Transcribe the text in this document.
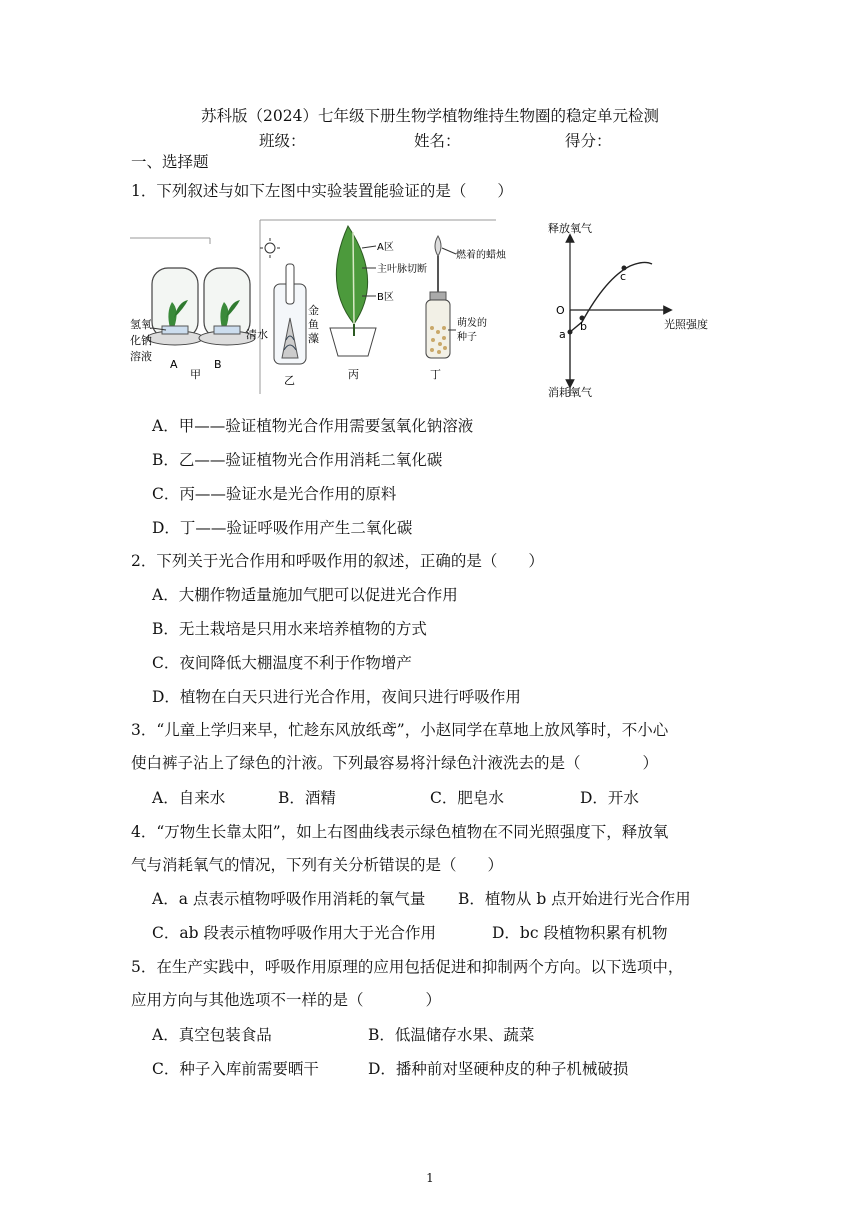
苏科版（2024）七年级下册生物学植物维持生物圈的稳定单元检测
班级：	姓名：	得分：
一、选择题
1．下列叙述与如下左图中实验装置能验证的是（　　）
氢氧
化钠
溶液
清水
A
甲
B
金
鱼
藻
乙
A区
主叶脉切断
B区
丙
燃着的蜡烛
萌发的
种子
丁
释放氧气
消耗氧气
光照强度
O
a
b
c
A．甲——验证植物光合作用需要氢氧化钠溶液
B．乙——验证植物光合作用消耗二氧化碳
C．丙——验证水是光合作用的原料
D．丁——验证呼吸作用产生二氧化碳
2．下列关于光合作用和呼吸作用的叙述，正确的是（　　）
A．大棚作物适量施加气肥可以促进光合作用
B．无土栽培是只用水来培养植物的方式
C．夜间降低大棚温度不利于作物增产
D．植物在白天只进行光合作用，夜间只进行呼吸作用
3．“儿童上学归来早，忙趁东风放纸鸢”，小赵同学在草地上放风筝时，不小心
使白裤子沾上了绿色的汁液。下列最容易将汁绿色汁液洗去的是（　　　　）
A．自来水	B．酒精	C．肥皂水	D．开水
4．“万物生长靠太阳”，如上右图曲线表示绿色植物在不同光照强度下，释放氧
气与消耗氧气的情况，下列有关分析错误的是（　　）
A．a 点表示植物呼吸作用消耗的氧气量 B．植物从 b 点开始进行光合作用
C．ab 段表示植物呼吸作用大于光合作用	D．bc 段植物积累有机物
5．在生产实践中，呼吸作用原理的应用包括促进和抑制两个方向。以下选项中，
应用方向与其他选项不一样的是（　　　　）
A．真空包装食品	B．低温储存水果、蔬菜
C．种子入库前需要晒干	D．播种前对坚硬种皮的种子机械破损
1
